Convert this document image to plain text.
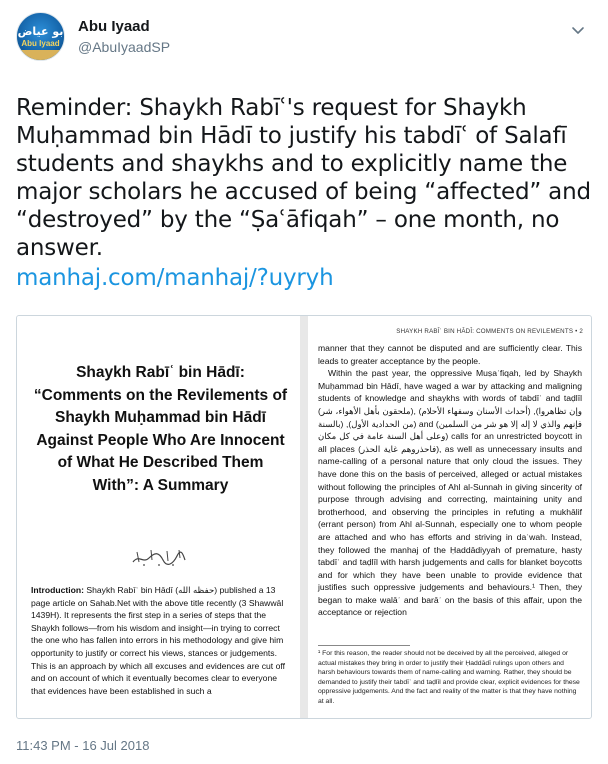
بو عياض
Abu Iyaad
Abu Iyaad
@AbuIyaadSP
Reminder: Shaykh Rabīʿ's request for Shaykh Muḥammad bin Hādī to justify his tabdīʿ of Salafī students and shaykhs and to explicitly name the major scholars he accused of being “affected” and “destroyed” by the “Ṣaʿāfiqah” – one month, no answer.
manhaj.com/manhaj/?uyryh
Shaykh Rabīʿ bin Hādī: “Comments on the Revilements of Shaykh Muḥammad bin Hādī Against People Who Are Innocent of What He Described Them With”: A Summary
Introduction: Shaykh Rabīʿ bin Hādī (حفظه الله) published a 13 page article on Sahab.Net with the above title recently (3 Shawwāl 1439H). It represents the first step in a series of steps that the Shaykh follows—from his wisdom and insight—in trying to correct the one who has fallen into errors in his methodology and give him opportunity to justify or correct his views, stances or judgements. This is an approach by which all excuses and evidences are cut off and on account of which it eventually becomes clear to everyone that evidences have been established in such a
SHAYKH RABĪʿ BIN HĀDĪ: COMMENTS ON REVILEMENTS • 2

manner that they cannot be disputed and are sufficiently clear. This leads to greater acceptance by the people.

Within the past year, the oppressive Muṣaʿfiqah, led by Shaykh Muḥammad bin Hādī, have waged a war by attacking and maligning students of knowledge and shaykhs with words of tabdīʿ and taḍlīl (ملحقون بأهل الأهواء، شر), (أحداث الأسنان وسفهاء الأحلام) ,(وإن تظاهروا بالسنة) ,(من الحدادية الأول) and (فإنهم والذي لا إله إلا هو شر من السلمين وعلى أهل السنة عامة في كل مكان) calls for an unrestricted boycott in all places (فاحذروهم غاية الحذر), as well as unnecessary insults and name-calling of a personal nature that only cloud the issues. They have done this on the basis of perceived, alleged or actual mistakes without following the principles of Ahl al-Sunnah in giving sincerity of purpose through advising and correcting, maintaining unity and brotherhood, and observing the principles in refuting a mukhālif (errant person) from Ahl al-Sunnah, especially one to whom people are attached and who has efforts and striving in daʿwah. Instead, they followed the manhaj of the Ḥaddādiyyah of premature, hasty tabdīʿ and taḍlīl with harsh judgements and calls for blanket boycotts and for which they have been unable to provide evidence that justifies such oppressive judgements and behaviours.¹ Then, they began to make walāʾ and barāʾ on the basis of this affair, upon the acceptance or rejection

¹ For this reason, the reader should not be deceived by all the perceived, alleged or actual mistakes they bring in order to justify their Ḥaddādī rulings upon others and harsh behaviours towards them of name-calling and warning. Rather, they should be demanded to justify their tabdīʿ and taḍlīl and provide clear, explicit evidences for these oppressive judgements. And the fact and reality of the matter is that they have nothing at all.
11:43 PM - 16 Jul 2018
